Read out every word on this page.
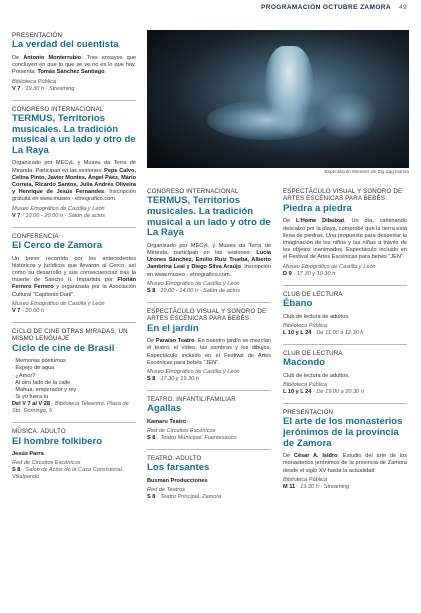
PROGRAMACIÓN OCTUBRE ZAMORA 49
Espectáculo Mimesis de Zig Zag Danza
PRESENTACIÓN
La verdad del cuentista
De Antonio Monterrubio. Tres ensayos que concluyen en que lo que se ve no es lo que hay. Presenta: Tomás Sánchez Santiago.
Biblioteca Pública
V 7 · 19.30 h · Streaming
CONGRESO INTERNACIONAL
TERMUS, Territorios musicales. La tradición musical a un lado y otro de La Raya
Organizado por MECyL y Museu da Terra de Miranda. Participan en las sesiones: Pepe Calvo, Celina Pinto, Javier Montes, Ángel Páez, Mário Correia, Ricardo Santos, Julia Andrés Oliveira y Henrique de Jesús Fernandes. Inscripción gratuita en www.museo - etnografico.com.
Museo Etnográfico de Castilla y León
V 7 · 10.00 - 20.00 h · Salón de actos
CONFERENCIA
El Cerco de Zamora
Un breve recorrido por los antecedentes históricos y jurídicos que llevaron al Cerco, así como su desarrollo y sus consecuencias tras la muerte de Sancho II. Impartida por Florián Ferrero Ferrero y organizada por la Asociación Cultural "Capitonis Durii".
Museo Etnográfico de Castilla y León
V 7 · 20.00 h
CICLO DE CINE OTRAS MIRADAS, UN MISMO LENGUAJE
Ciclo de cine de Brasil
· Memorias póstumas
· Espejo de agua
· ¿Amor?
· Al otro lado de la calle
· Mahua, emperador y rey
· Si yo fuera tu
Del V 7 al V 28 · Biblioteca Teleentro. Plaza de Sto. Domingo, 5
MÚSICA. ADULTO
El hombre folkibero
Jesús Parra
Red de Circuitos Escénicos
S 8 · Salón de Actos de la Casa Consistorial. Villalpando
CONGRESO INTERNACIONAL
TERMUS, Territorios musicales. La tradición musical a un lado y otro de La Raya
Organizado por MECyL y Museu da Terra de Miranda, participan en las sesiones: Lucía Urones Sánchez, Emilio Ruiz Trueba, Alberto Jambrina Leal y Diego Silva Araújo. Inscripción en www.museo - etnografico.com.
Museo Etnográfico de Castilla y León
S 8 · 10.00 - 14.00 h · Salón de actos
ESPECTÁCULO VISUAL Y SONORO DE ARTES ESCÉNICAS PARA BEBÉS
En el jardín
De Paraíso Teatro. En nuestro jardín se mezclan el teatro, el vídeo, las sombras y los dibujos. Espectáculo incluido en el Festival de Artes Escénicas para bebés "JEN".
Museo Etnográfico de Castilla y León
S 8 · 17.30 y 19.30 h
TEATRO. INFANTIL/FAMILIAR
Agallas
Kamaru Teatro
Red de Circuitos Escénicos
S 8 · Teatro Municipal. Fuentesaúco
TEATRO. ADULTO
Los farsantes
Buxman Producciones
Red de Teatros
S 8 · Teatro Principal. Zamora
ESPECTÁCULO VISUAL Y SONORO DE ARTES ESCÉNICAS PARA BEBÉS
Piedra a piedra
De L'Home Dibuixat. Un día, caminando descalzo por la playa, comprobé que la tierra está llena de piedras. Una propuesta para despertar la imaginación de los niños y las niñas a través de los objetos inanimados. Espectáculo incluido en el Festival de Artes Escénicas para bebés "JEN".
Museo Etnográfico de Castilla y León
D 9 · 17.30 y 19.30 h
CLUB DE LECTURA
Ébano
Club de lectura de adultos.
Biblioteca Pública
L 10 y L 24 · De 11.00 a 12.30 h
CLUB DE LECTURA
Macondo
Club de lectura de adultos.
Biblioteca Pública
L 10 y L 24 · De 19.00 a 20.30 h
PRESENTACIÓN
El arte de los monasterios jerónimos de la provincia de Zamora
De César A. Isidro. Estudio del arte de los monasterios jerónimos de la provincia de Zamora desde el siglo XV hasta la actualidad
Biblioteca Pública
M 11 · 19.30 h · Streaming
